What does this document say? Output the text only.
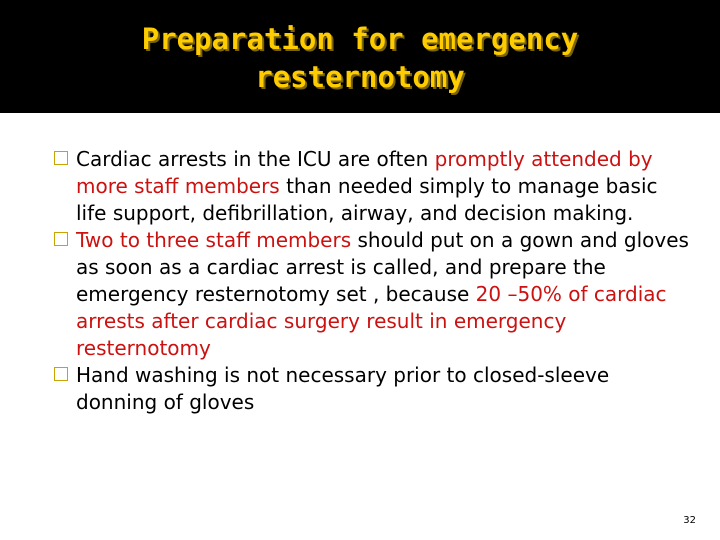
Preparation for emergency
resternotomy

Cardiac arrests in the ICU are often promptly attended by more staff members than needed simply to manage basic life support, defibrillation, airway, and decision making.

Two to three staff members should put on a gown and gloves as soon as a cardiac arrest is called, and prepare the emergency resternotomy set , because 20 –50% of cardiac arrests after cardiac surgery result in emergency resternotomy

Hand washing is not necessary prior to closed-sleeve donning of gloves

32
